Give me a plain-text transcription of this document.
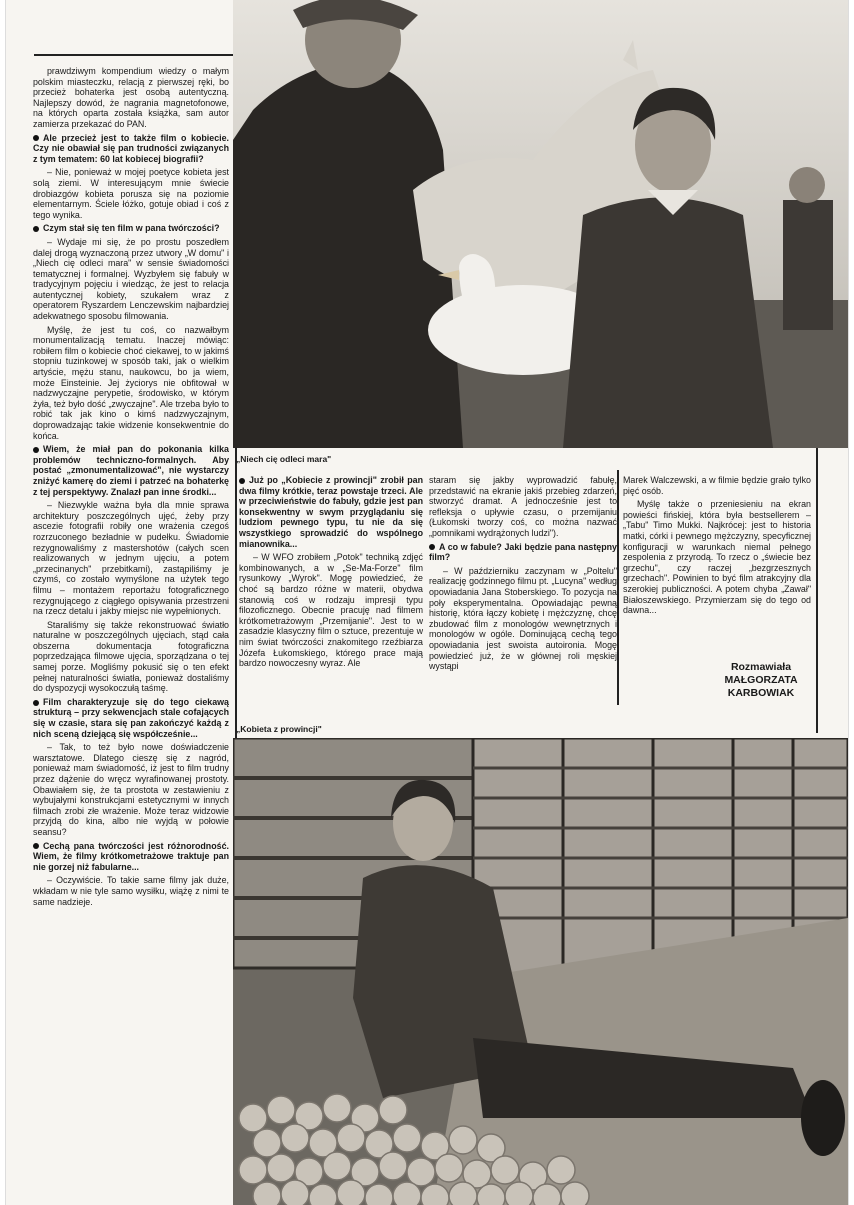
„Niech cię odleci mara"

prawdziwym kompendium wiedzy o małym polskim miasteczku, relacją z pierwszej ręki, bo przecież bohaterka jest osobą autentyczną. Najlepszy dowód, że nagrania magnetofonowe, na których oparta została książka, sam autor zamierza przekazać do PAN.

Ale przecież jest to także film o kobiecie. Czy nie obawiał się pan trudności związanych z tym tematem: 60 lat kobiecej biografii?

– Nie, ponieważ w mojej poetyce kobieta jest solą ziemi. W interesującym mnie świecie drobiazgów kobieta porusza się na poziomie elementarnym. Ściele łóżko, gotuje obiad i coś z tego wynika.

Czym stał się ten film w pana twórczości?

– Wydaje mi się, że po prostu poszedłem dalej drogą wyznaczoną przez utwory „W domu" i „Niech cię odleci mara" w sensie świadomości tematycznej i formalnej. Wyzbyłem się fabuły w tradycyjnym pojęciu i wiedząc, że jest to relacja autentycznej kobiety, szukałem wraz z operatorem Ryszardem Lenczewskim najbardziej adekwatnego sposobu filmowania.

Myślę, że jest tu coś, co nazwałbym monumentalizacją tematu. Inaczej mówiąc: robiłem film o kobiecie choć ciekawej, to w jakimś stopniu tuzinkowej w sposób taki, jak o wielkim artyście, mężu stanu, naukowcu, bo ja wiem, może Einsteinie. Jej życiorys nie obfitował w nadzwyczajne perypetie, środowisko, w którym żyła, też było dość „zwyczajne". Ale trzeba było to robić tak jak kino o kimś nadzwyczajnym, doprowadzając takie widzenie konsekwentnie do końca.

Wiem, że miał pan do pokonania kilka problemów techniczno-formalnych. Aby postać „zmonumentalizować", nie wystarczy zniżyć kamerę do ziemi i patrzeć na bohaterkę z tej perspektywy. Znalazł pan inne środki...

– Niezwykle ważna była dla mnie sprawa architektury poszczególnych ujęć, żeby przy ascezie fotografii robiły one wrażenia czegoś rozrzuconego bezładnie w pudełku. Świadomie rezygnowaliśmy z mastershotów (całych scen realizowanych w jednym ujęciu, a potem „przecinanych" przebitkami), zastąpiliśmy je czymś, co zostało wymyślone na użytek tego filmu – montażem reportażu fotograficznego rezygnującego z ciągłego opisywania przestrzeni na rzecz detalu i jakby miejsc nie wypełnionych.

Staraliśmy się także rekonstruować światło naturalne w poszczególnych ujęciach, stąd cała obszerna dokumentacja fotograficzna poprzedzająca filmowe ujęcia, sporządzana o tej samej porze. Mogliśmy pokusić się o ten efekt pełnej naturalności światła, ponieważ dostaliśmy do dyspozycji wysokoczułą taśmę.

Film charakteryzuje się do tego ciekawą strukturą – przy sekwencjach stale cofających się w czasie, stara się pan zakończyć każdą z nich sceną dziejącą się współcześnie...

– Tak, to też było nowe doświadczenie warsztatowe. Dlatego cieszę się z nagród, ponieważ mam świadomość, iż jest to film trudny przez dążenie do wręcz wyrafinowanej prostoty. Obawiałem się, że ta prostota w zestawieniu z wybujałymi konstrukcjami estetycznymi w innych filmach zrobi złe wrażenie. Może teraz widzowie przyjdą do kina, albo nie wyjdą w połowie seansu?

Cechą pana twórczości jest różnorodność. Wiem, że filmy krótkometrażowe traktuje pan nie gorzej niż fabularne...

– Oczywiście. To takie same filmy jak duże, wkładam w nie tyle samo wysiłku, wiążę z nimi te same nadzieje.

Już po „Kobiecie z prowincji" zrobił pan dwa filmy krótkie, teraz powstaje trzeci. Ale w przeciwieństwie do fabuły, gdzie jest pan konsekwentny w swym przyglądaniu się ludziom pewnego typu, tu nie da się wszystkiego sprowadzić do wspólnego mianownika...

– W WFO zrobiłem „Potok" techniką zdjęć kombinowanych, a w „Se-Ma-Forze" film rysunkowy „Wyrok". Mogę powiedzieć, że choć są bardzo różne w materii, obydwa stanowią coś w rodzaju impresji typu filozoficznego. Obecnie pracuję nad filmem krótkometrażowym „Przemijanie". Jest to w zasadzie klasyczny film o sztuce, prezentuje w nim świat twórczości znakomitego rzeźbiarza Józefa Łukomskiego, którego prace mają bardzo nowoczesny wyraz. Ale

staram się jakby wyprowadzić fabułę, przedstawić na ekranie jakiś przebieg zdarzeń, stworzyć dramat. A jednocześnie jest to refleksja o upływie czasu, o przemijaniu (Łukomski tworzy coś, co można nazwać „pomnikami wydrążonych ludzi").

A co w fabule? Jaki będzie pana następny film?

– W październiku zaczynam w „Poltelu" realizację godzinnego filmu pt. „Lucyna" według opowiadania Jana Stoberskiego. To pozycja na poły eksperymentalna. Opowiadając pewną historię, która łączy kobietę i mężczyznę, chcę zbudować film z monologów wewnętrznych i monologów w ogóle. Dominującą cechą tego opowiadania jest swoista autoironia. Mogę powiedzieć już, że w głównej roli męskiej wystąpi

Marek Walczewski, a w filmie będzie grało tylko pięć osób.

Myślę także o przeniesieniu na ekran powieści fińskiej, która była bestsellerem – „Tabu" Timo Mukki. Najkrócej: jest to historia matki, córki i pewnego mężczyzny, specyficznej konfiguracji w warunkach niemal pełnego zespolenia z przyrodą. To rzecz o „świecie bez grzechu", czy raczej „bezgrzesznych grzechach". Powinien to być film atrakcyjny dla szerokiej publiczności. A potem chyba „Zawał" Białoszewskiego. Przymierzam się do tego od dawna...

Rozmawiała
MAŁGORZATA
KARBOWIAK
„Kobieta z prowincji"
